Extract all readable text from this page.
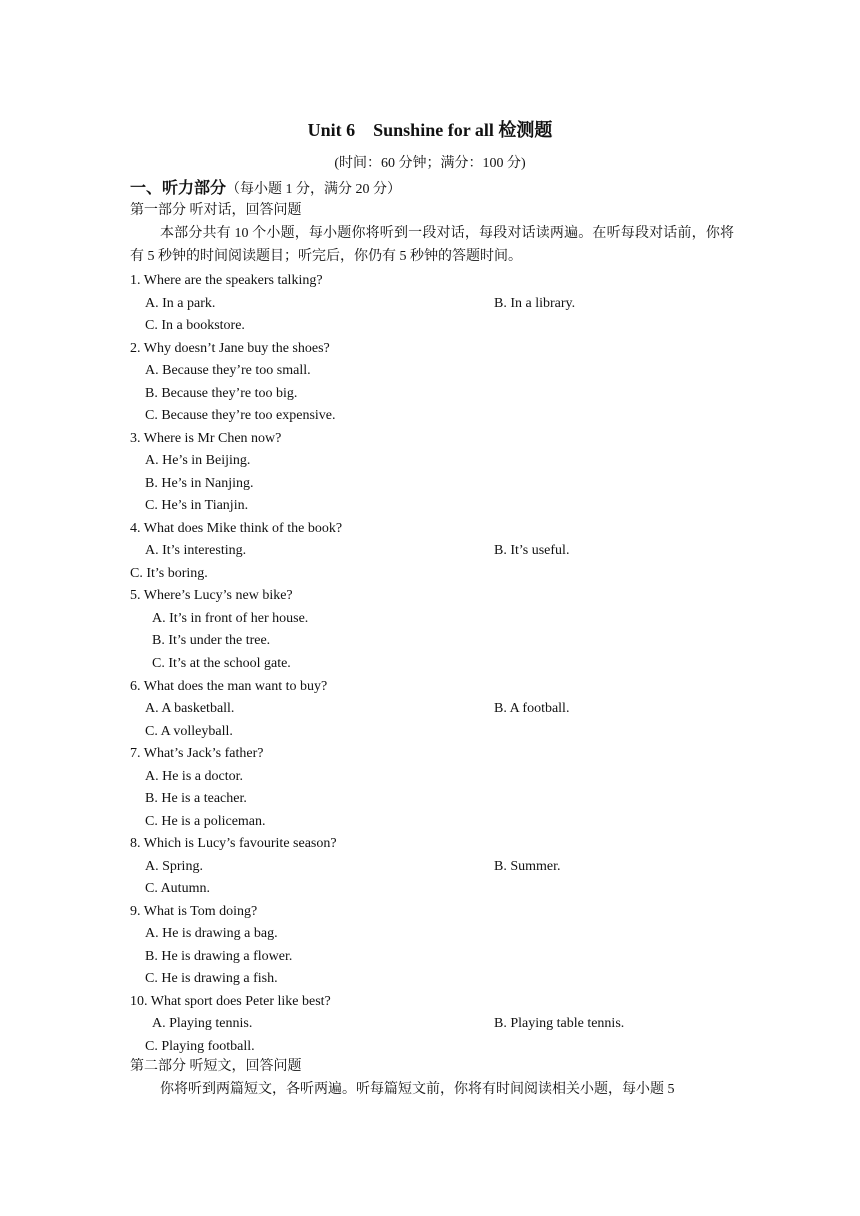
Unit 6    Sunshine for all 检测题
(时间：60 分钟；满分：100 分)
一、听力部分（每小题 1 分，满分 20 分）
第一部分 听对话，回答问题
本部分共有 10 个小题，每小题你将听到一段对话，每段对话读两遍。在听每段对话前，你将有 5 秒钟的时间阅读题目；听完后，你仍有 5 秒钟的答题时间。
1. Where are the speakers talking?
A. In a park.	B. In a library.
C. In a bookstore.
2. Why doesn’t Jane buy the shoes?
A. Because they’re too small.
B. Because they’re too big.
C. Because they’re too expensive.
3. Where is Mr Chen now?
A. He’s in Beijing.
B. He’s in Nanjing.
C. He’s in Tianjin.
4. What does Mike think of the book?
A. It’s interesting.	B. It’s useful.
C. It’s boring.
5. Where’s Lucy’s new bike?
A. It’s in front of her house.
B. It’s under the tree.
C. It’s at the school gate.
6. What does the man want to buy?
A. A basketball.	B. A football.
C. A volleyball.
7. What’s Jack’s father?
A. He is a doctor.
B. He is a teacher.
C. He is a policeman.
8. Which is Lucy’s favourite season?
A. Spring.	B. Summer.
C. Autumn.
9. What is Tom doing?
A. He is drawing a bag.
B. He is drawing a flower.
C. He is drawing a fish.
10. What sport does Peter like best?
A. Playing tennis.	B. Playing table tennis.
C. Playing football.
第二部分 听短文，回答问题
你将听到两篇短文，各听两遍。听每篇短文前，你将有时间阅读相关小题，每小题 5
